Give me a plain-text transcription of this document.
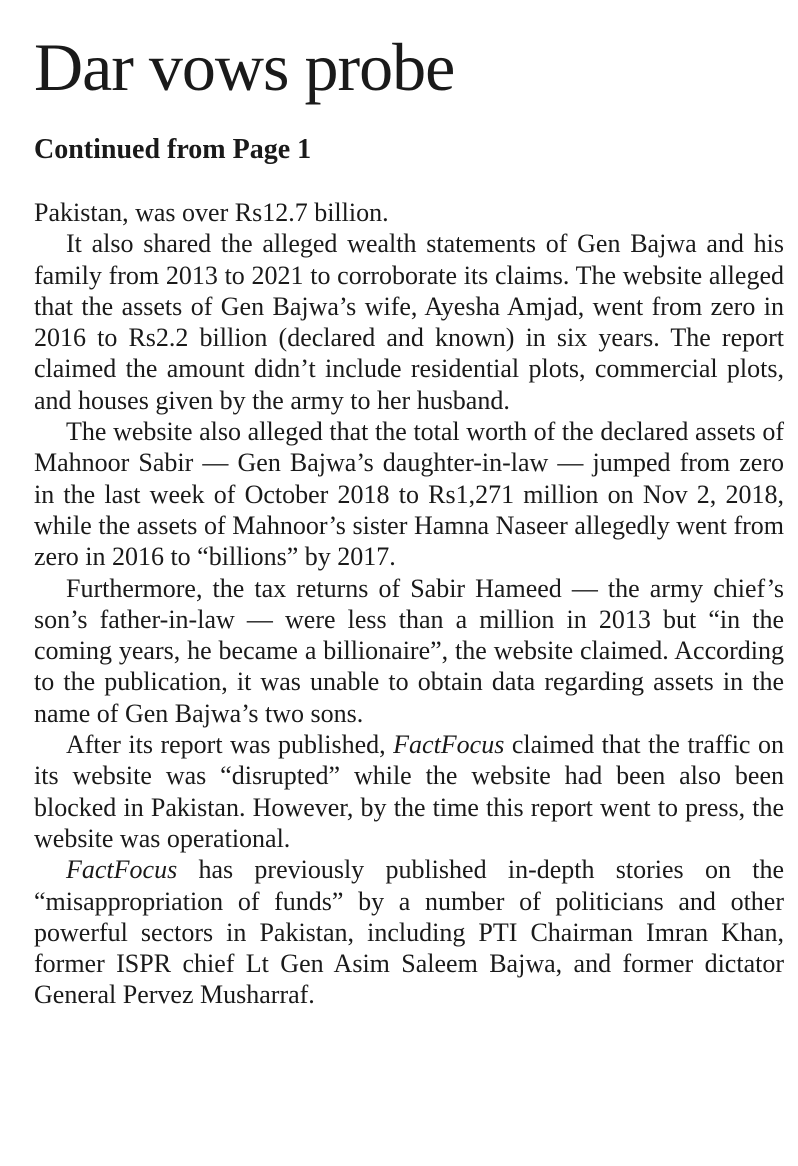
Dar vows probe
Continued from Page 1

Pakistan, was over Rs12.7 billion.

It also shared the alleged wealth statements of Gen Bajwa and his family from 2013 to 2021 to corroborate its claims. The website alleged that the assets of Gen Bajwa’s wife, Ayesha Amjad, went from zero in 2016 to Rs2.2 billion (declared and known) in six years. The report claimed the amount didn’t include residential plots, commercial plots, and houses given by the army to her husband.

The website also alleged that the total worth of the declared assets of Mahnoor Sabir — Gen Bajwa’s daughter-in-law — jumped from zero in the last week of October 2018 to Rs1,271 million on Nov 2, 2018, while the assets of Mahnoor’s sister Hamna Naseer allegedly went from zero in 2016 to “billions” by 2017.

Furthermore, the tax returns of Sabir Hameed — the army chief’s son’s father-in-law — were less than a million in 2013 but “in the coming years, he became a billionaire”, the website claimed. According to the publication, it was unable to obtain data regarding assets in the name of Gen Bajwa’s two sons.

After its report was published, FactFocus claimed that the traffic on its website was “disrupted” while the website had been also been blocked in Pakistan. However, by the time this report went to press, the website was operational.

FactFocus has previously published in-depth stories on the “misappropriation of funds” by a number of politicians and other powerful sectors in Pakistan, including PTI Chairman Imran Khan, former ISPR chief Lt Gen Asim Saleem Bajwa, and former dictator General Pervez Musharraf.
